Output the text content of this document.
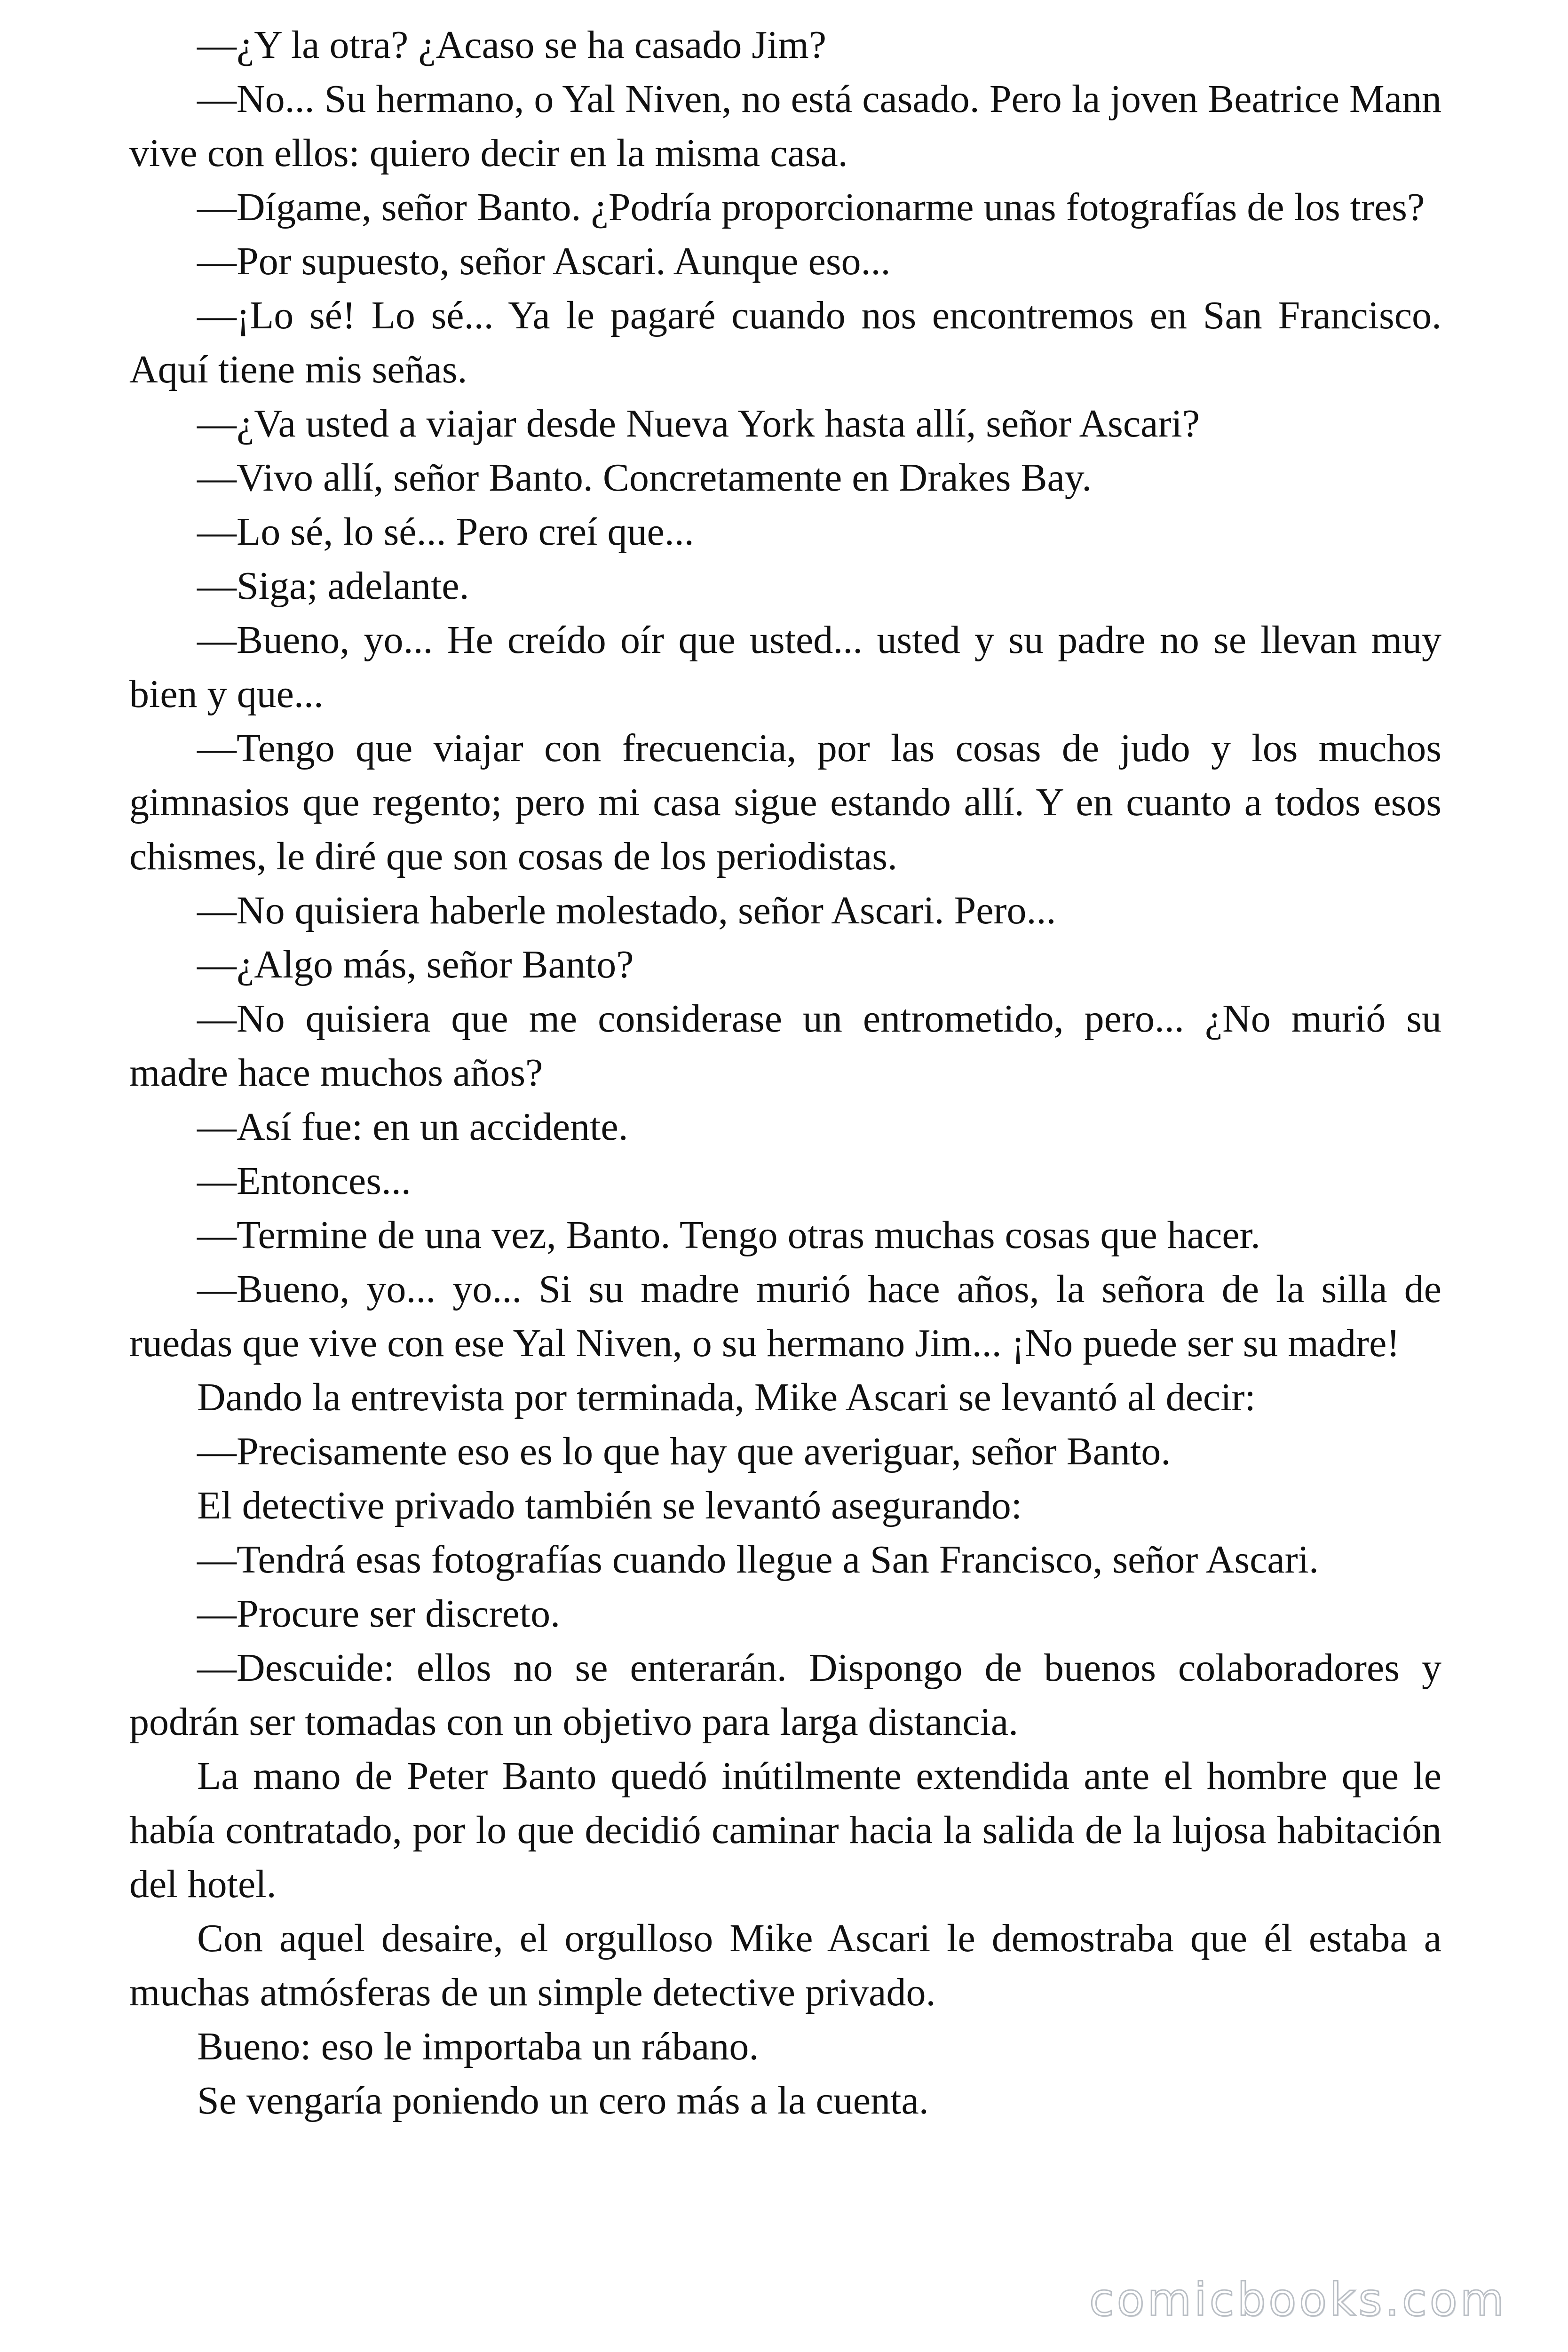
—¿Y la otra? ¿Acaso se ha casado Jim?

—No... Su hermano, o Yal Niven, no está casado. Pero la joven Beatrice Mann vive con ellos: quiero decir en la misma casa.

—Dígame, señor Banto. ¿Podría proporcionarme unas fotografías de los tres?

—Por supuesto, señor Ascari. Aunque eso...

—¡Lo sé! Lo sé... Ya le pagaré cuando nos encontremos en San Francisco. Aquí tiene mis señas.

—¿Va usted a viajar desde Nueva York hasta allí, señor Ascari?

—Vivo allí, señor Banto. Concretamente en Drakes Bay.

—Lo sé, lo sé... Pero creí que...

—Siga; adelante.

—Bueno, yo... He creído oír que usted... usted y su padre no se llevan muy bien y que...

—Tengo que viajar con frecuencia, por las cosas de judo y los muchos gimnasios que regento; pero mi casa sigue estando allí. Y en cuanto a todos esos chismes, le diré que son cosas de los periodistas.

—No quisiera haberle molestado, señor Ascari. Pero...

—¿Algo más, señor Banto?

—No quisiera que me considerase un entrometido, pero... ¿No murió su madre hace muchos años?

—Así fue: en un accidente.

—Entonces...

—Termine de una vez, Banto. Tengo otras muchas cosas que hacer.

—Bueno, yo... yo... Si su madre murió hace años, la señora de la silla de ruedas que vive con ese Yal Niven, o su hermano Jim... ¡No puede ser su madre!

Dando la entrevista por terminada, Mike Ascari se levantó al decir:

—Precisamente eso es lo que hay que averiguar, señor Banto.

El detective privado también se levantó asegurando:

—Tendrá esas fotografías cuando llegue a San Francisco, señor Ascari.

—Procure ser discreto.

—Descuide: ellos no se enterarán. Dispongo de buenos colaboradores y podrán ser tomadas con un objetivo para larga distancia.

La mano de Peter Banto quedó inútilmente extendida ante el hombre que le había contratado, por lo que decidió caminar hacia la salida de la lujosa habitación del hotel.

Con aquel desaire, el orgulloso Mike Ascari le demostraba que él estaba a muchas atmósferas de un simple detective privado.

Bueno: eso le importaba un rábano.

Se vengaría poniendo un cero más a la cuenta.

comicbooks.com
